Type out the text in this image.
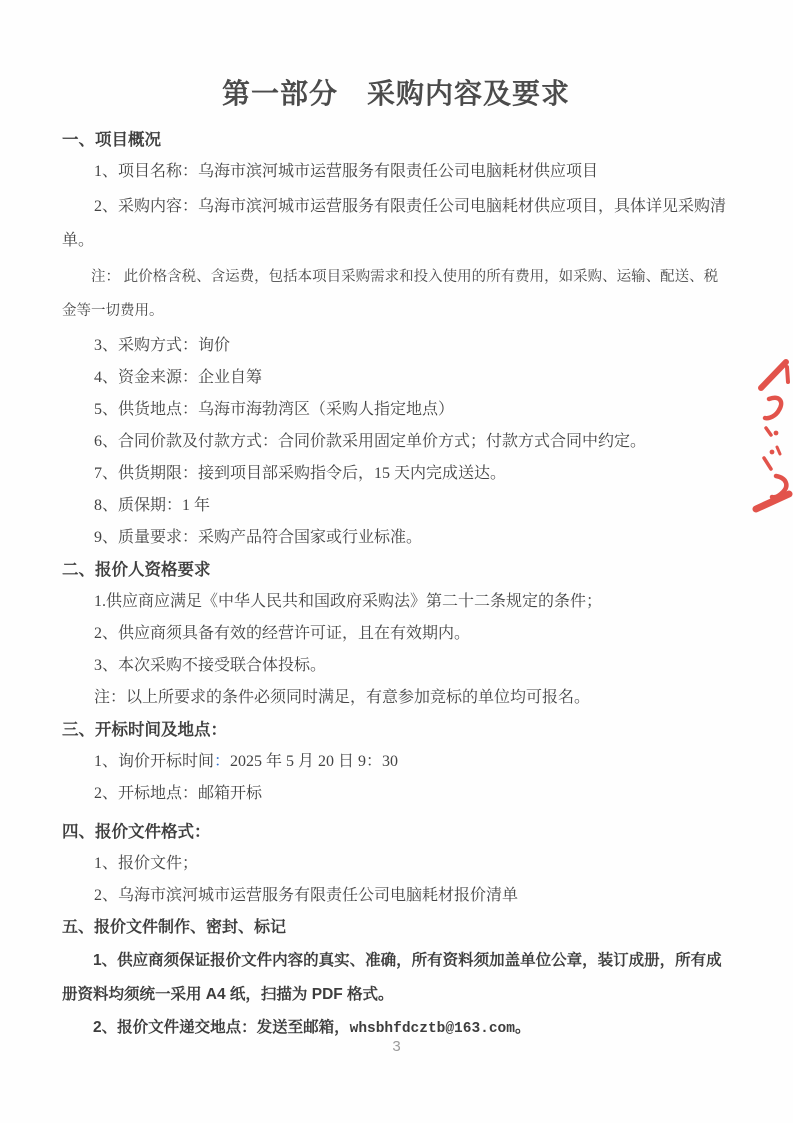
第一部分　采购内容及要求

一、项目概况

1、项目名称：乌海市滨河城市运营服务有限责任公司电脑耗材供应项目

2、采购内容：乌海市滨河城市运营服务有限责任公司电脑耗材供应项目，具体详见采购清单。

注： 此价格含税、含运费，包括本项目采购需求和投入使用的所有费用，如采购、运输、配送、税金等一切费用。

3、采购方式：询价

4、资金来源：企业自筹

5、供货地点：乌海市海勃湾区（采购人指定地点）

6、合同价款及付款方式：合同价款采用固定单价方式；付款方式合同中约定。

7、供货期限：接到项目部采购指令后，15 天内完成送达。

8、质保期：1 年

9、质量要求：采购产品符合国家或行业标准。

二、报价人资格要求

1.供应商应满足《中华人民共和国政府采购法》第二十二条规定的条件；

2、供应商须具备有效的经营许可证，且在有效期内。

3、本次采购不接受联合体投标。

注：以上所要求的条件必须同时满足，有意参加竞标的单位均可报名。

三、开标时间及地点：

1、询价开标时间：2025 年 5 月 20 日 9：30

2、开标地点：邮箱开标

四、报价文件格式：

1、报价文件；

2、乌海市滨河城市运营服务有限责任公司电脑耗材报价清单

五、报价文件制作、密封、标记

1、供应商须保证报价文件内容的真实、准确，所有资料须加盖单位公章，装订成册，所有成册资料均须统一采用 A4 纸，扫描为 PDF 格式。

2、报价文件递交地点：发送至邮箱，whsbhfdcztb@163.com。

3
